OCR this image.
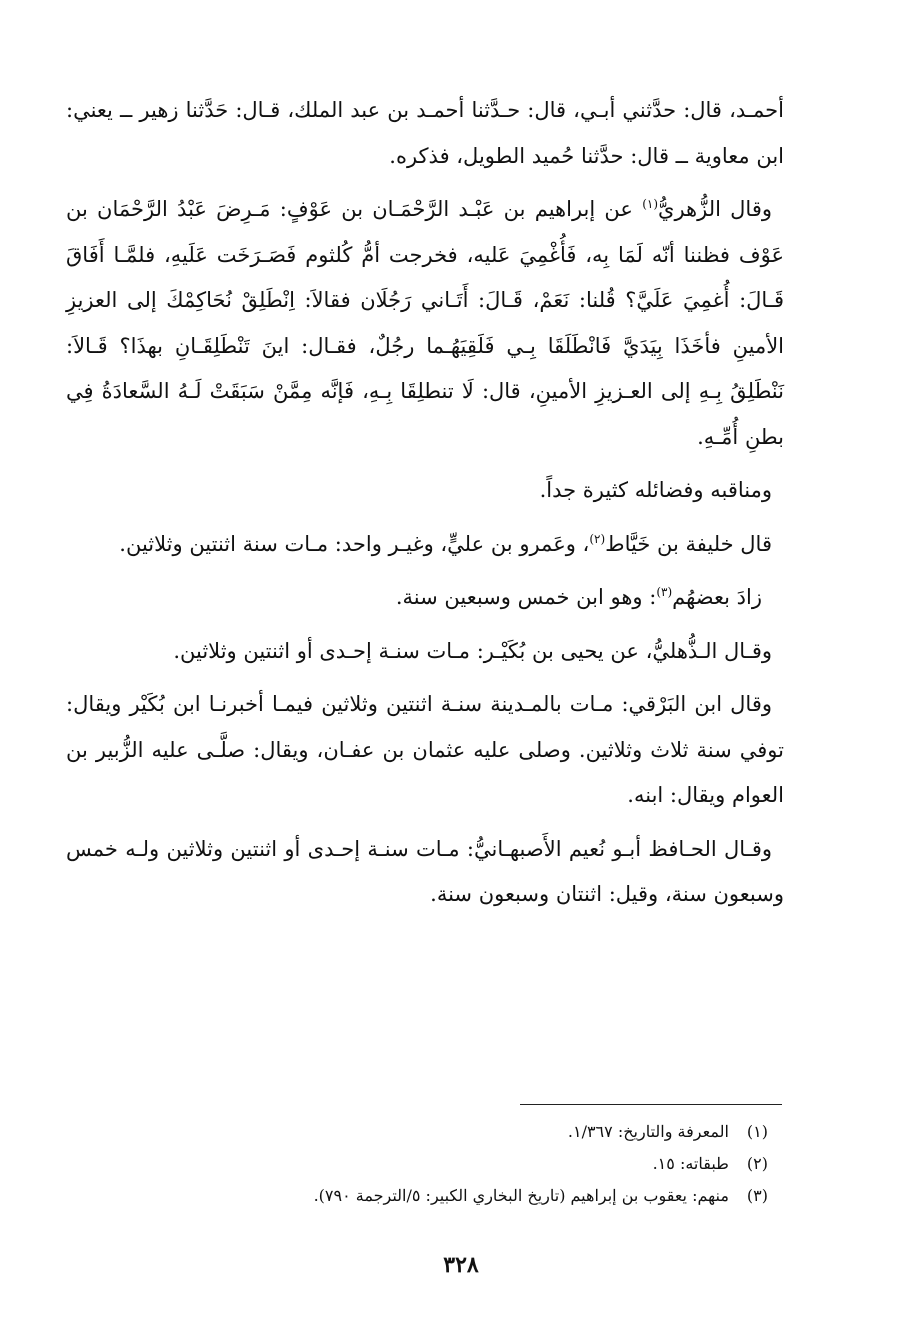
أحمـد، قال: حدَّثني أبـي، قال: حـدَّثنا أحمـد بن عبد الملك، قـال: حَدَّثنا زهير ــ يعني: ابن معاوية ــ قال: حدَّثنا حُميد الطويل، فذكره.

وقال الزُّهريُّ$^{(١)}$ عن إبراهيم بن عَبْـد الرَّحْمَـان بن عَوْفٍ: مَـرِضَ عَبْدُ الرَّحْمَان بن عَوْف فظننا أنّه لَمَا بِه، فَأُغْمِيَ عَليه، فخرجت أمُّ كُلثوم فَصَـرَخَت عَلَيهِ، فلمَّـا أَفَاقَ قَـالَ: أُغمِيَ عَلَيَّ؟ قُلنا: نَعَمْ، قَـالَ: أَتَـاني رَجُلَان فقالاَ: اِنْطَلِقْ نُحَاكِمْكَ إلى العزيزِ الأمينِ فأخَذَا بِيَدَيَّ فَانْطَلَقَا بِـي فَلَقِيَهُـما رجُلٌ، فقـال: اينَ تَنْطَلِقَـانِ بهذَا؟ قَـالاَ: نَنْطَلِقُ بِـهِ إلى العـزيزِ الأمينِ، قال: لَا تنطلِقَا بِـهِ، فَإنَّه مِمَّنْ سَبَقَتْ لَـهُ السَّعادَةُ فِي بطنِ أُمِّـهِ.

ومناقبه وفضائله كثيرة جداً.

قال خليفة بن خَيَّاط$^{(٢)}$، وعَمرو بن عليٍّ، وغيـر واحد: مـات سنة اثنتين وثلاثين.

زادَ بعضهُم$^{(٣)}$: وهو ابن خمس وسبعين سنة.

وقـال الـذُّهليُّ، عن يحيى بن بُكَيْـر: مـات سنـة إحـدى أو اثنتين وثلاثين.

وقال ابن البَرْقي: مـات بالمـدينة سنـة اثنتين وثلاثين فيمـا أخبرنـا ابن بُكَيْر ويقال: توفي سنة ثلاث وثلاثين. وصلى عليه عثمان بن عفـان، ويقال: صلَّـى عليه الزُّبير بن العوام ويقال: ابنه.

وقـال الحـافظ أبـو نُعيم الأَصبهـانيُّ: مـات سنـة إحـدى أو اثنتين وثلاثين ولـه خمس وسبعون سنة، وقيل: اثنتان وسبعون سنة.

(١) المعرفة والتاريخ: ١/٣٦٧.

(٢) طبقاته: ١٥.

(٣) منهم: يعقوب بن إبراهيم (تاريخ البخاري الكبير: ٥/الترجمة ٧٩٠).

٣٢٨
